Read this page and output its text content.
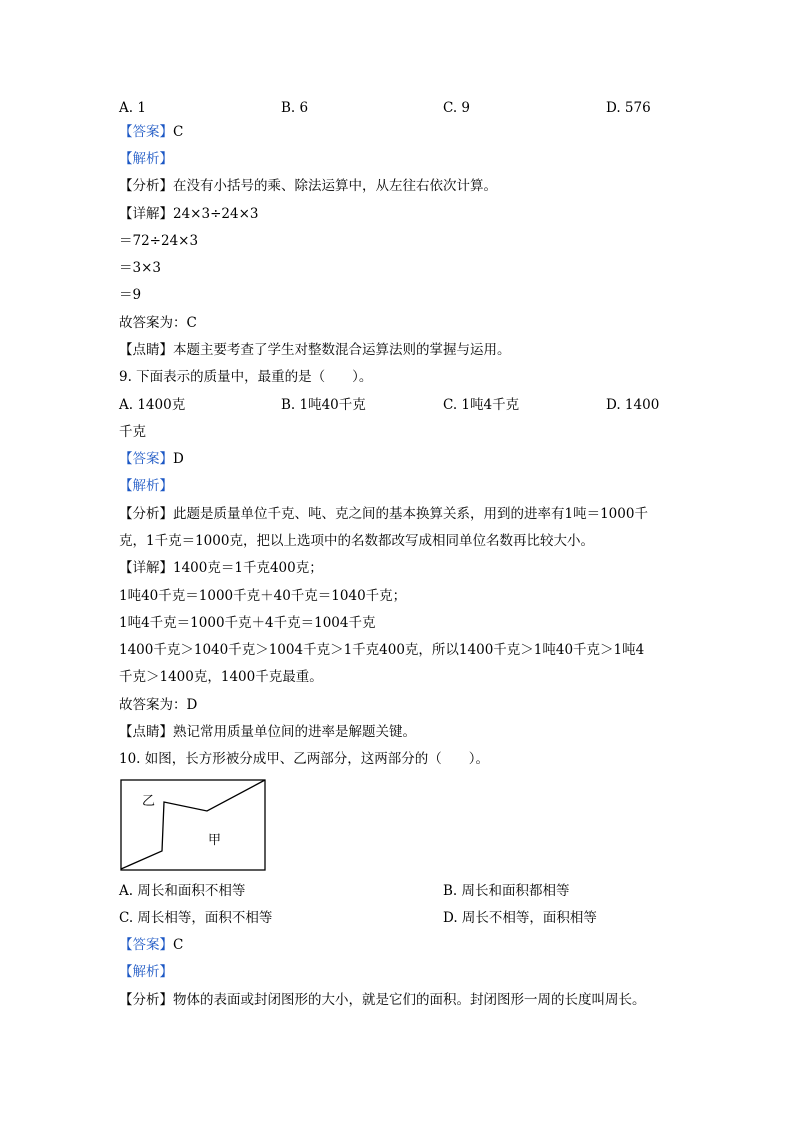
A. 1	B. 6	C. 9	D. 576
【答案】C
【解析】
【分析】在没有小括号的乘、除法运算中，从左往右依次计算。
【详解】24×3÷24×3
＝72÷24×3
＝3×3
＝9
故答案为：C
【点睛】本题主要考查了学生对整数混合运算法则的掌握与运用。
9. 下面表示的质量中，最重的是（　　）。
A. 1400克	B. 1吨40千克	C. 1吨4千克	D. 1400
千克
【答案】D
【解析】
【分析】此题是质量单位千克、吨、克之间的基本换算关系，用到的进率有1吨＝1000千
克，1千克＝1000克，把以上选项中的名数都改写成相同单位名数再比较大小。
【详解】1400克＝1千克400克；
1吨40千克＝1000千克＋40千克＝1040千克；
1吨4千克＝1000千克＋4千克＝1004千克
1400千克＞1040千克＞1004千克＞1千克400克，所以1400千克＞1吨40千克＞1吨4
千克＞1400克，1400千克最重。
故答案为：D
【点睛】熟记常用质量单位间的进率是解题关键。
10. 如图，长方形被分成甲、乙两部分，这两部分的（　　）。
乙
甲
A. 周长和面积不相等	B. 周长和面积都相等
C. 周长相等，面积不相等	D. 周长不相等，面积相等
【答案】C
【解析】
【分析】物体的表面或封闭图形的大小，就是它们的面积。封闭图形一周的长度叫周长。
